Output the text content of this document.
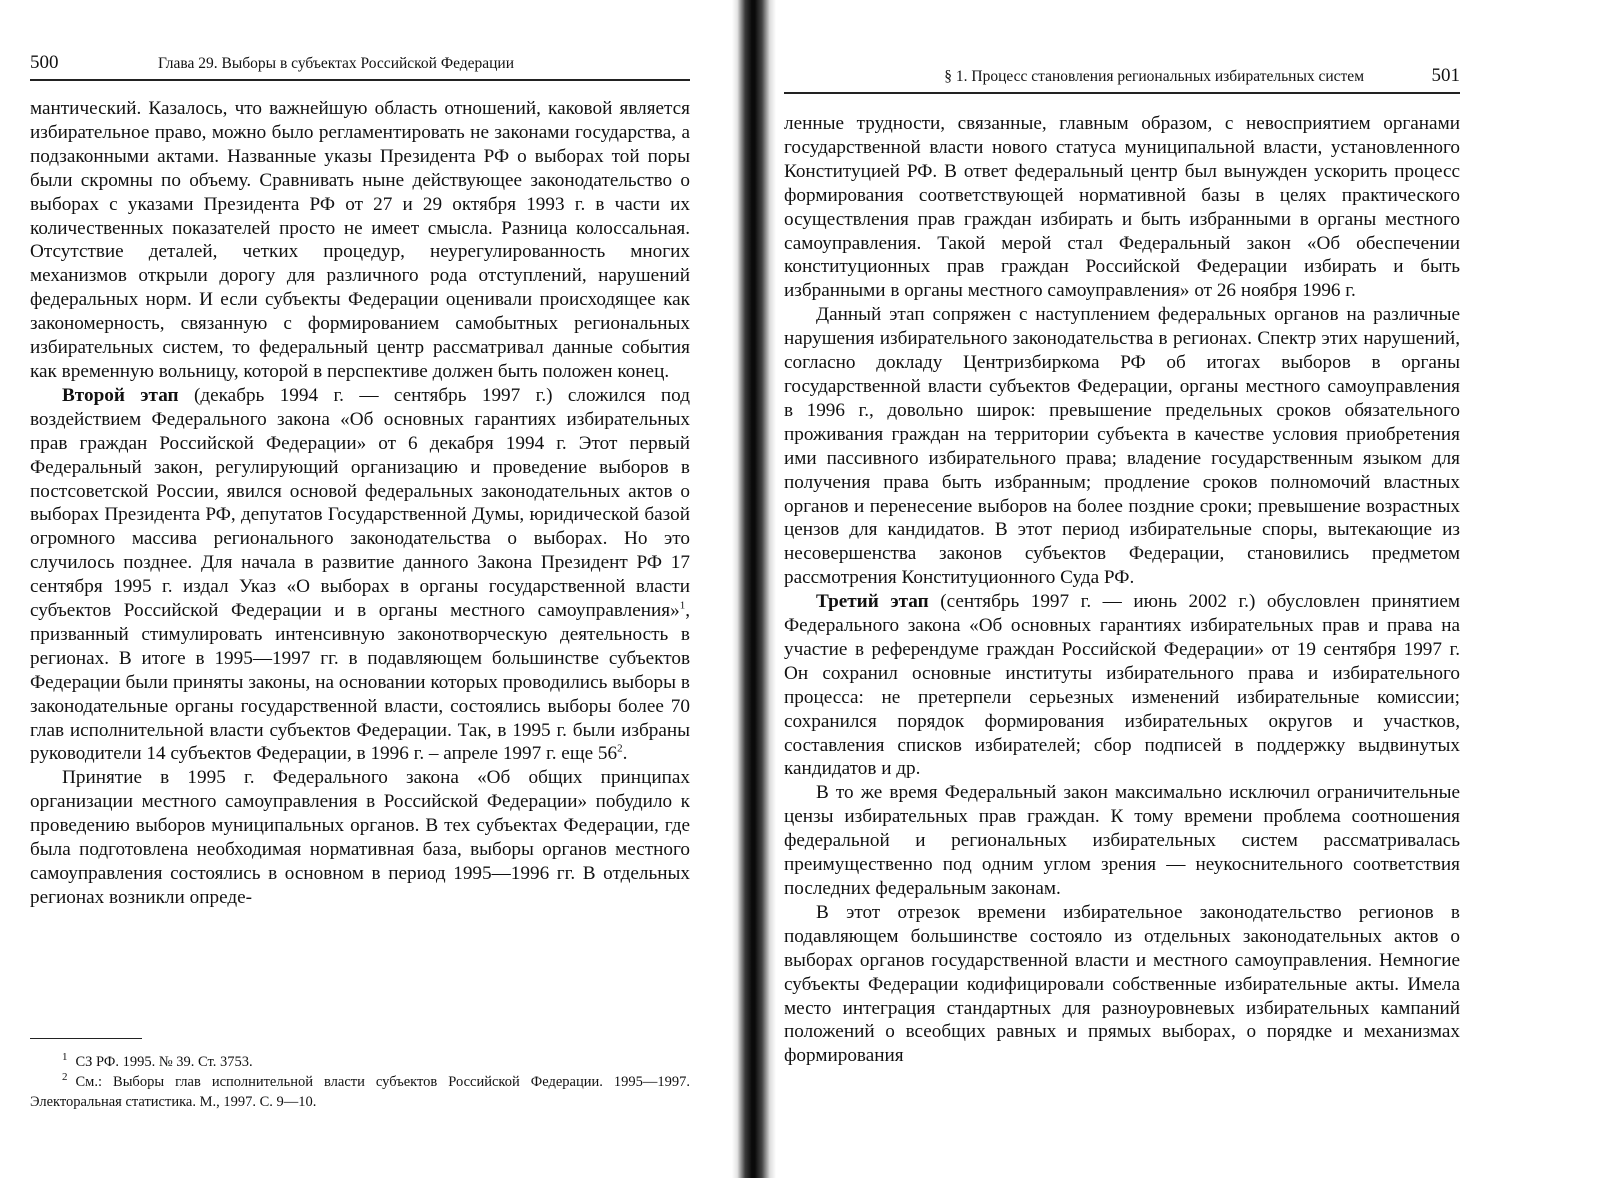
500	Глава 29. Выборы в субъектах Российской Федерации

мантический. Казалось, что важнейшую область отношений, каковой является избирательное право, можно было регламентировать не законами государства, а подзаконными актами. Названные указы Президента РФ о выборах той поры были скромны по объему. Сравнивать ныне действующее законодательство о выборах с указами Президента РФ от 27 и 29 октября 1993 г. в части их количественных показателей просто не имеет смысла. Разница колоссальная. Отсутствие деталей, четких процедур, неурегулированность многих механизмов открыли дорогу для различного рода отступлений, нарушений федеральных норм. И если субъекты Федерации оценивали происходящее как закономерность, связанную с формированием самобытных региональных избирательных систем, то федеральный центр рассматривал данные события как временную вольницу, которой в перспективе должен быть положен конец.

Второй этап (декабрь 1994 г. — сентябрь 1997 г.) сложился под воздействием Федерального закона «Об основных гарантиях избирательных прав граждан Российской Федерации» от 6 декабря 1994 г. Этот первый Федеральный закон, регулирующий организацию и проведение выборов в постсоветской России, явился основой федеральных законодательных актов о выборах Президента РФ, депутатов Государственной Думы, юридической базой огромного массива регионального законодательства о выборах. Но это случилось позднее. Для начала в развитие данного Закона Президент РФ 17 сентября 1995 г. издал Указ «О выборах в органы государственной власти субъектов Российской Федерации и в органы местного самоуправления»$^1$, призванный стимулировать интенсивную законотворческую деятельность в регионах. В итоге в 1995—1997 гг. в подавляющем большинстве субъектов Федерации были приняты законы, на основании которых проводились выборы в законодательные органы государственной власти, состоялись выборы более 70 глав исполнительной власти субъектов Федерации. Так, в 1995 г. были избраны руководители 14 субъектов Федерации, в 1996 г. – апреле 1997 г. еще $56^2$.

Принятие в 1995 г. Федерального закона «Об общих принципах организации местного самоуправления в Российской Федерации» побудило к проведению выборов муниципальных органов. В тех субъектах Федерации, где была подготовлена необходимая нормативная база, выборы органов местного самоуправления состоялись в основном в период 1995—1996 гг. В отдельных регионах возникли опреде-

$^1$ СЗ РФ. 1995. № 39. Ст. 3753.

$^2$ См.: Выборы глав исполнительной власти субъектов Российской Федерации. 1995—1997. Электоральная статистика. М., 1997. С. 9—10.

§ 1. Процесс становления региональных избирательных систем	501

ленные трудности, связанные, главным образом, с невосприятием органами государственной власти нового статуса муниципальной власти, установленного Конституцией РФ. В ответ федеральный центр был вынужден ускорить процесс формирования соответствующей нормативной базы в целях практического осуществления прав граждан избирать и быть избранными в органы местного самоуправления. Такой мерой стал Федеральный закон «Об обеспечении конституционных прав граждан Российской Федерации избирать и быть избранными в органы местного самоуправления» от 26 ноября 1996 г.

Данный этап сопряжен с наступлением федеральных органов на различные нарушения избирательного законодательства в регионах. Спектр этих нарушений, согласно докладу Центризбиркома РФ об итогах выборов в органы государственной власти субъектов Федерации, органы местного самоуправления в 1996 г., довольно широк: превышение предельных сроков обязательного проживания граждан на территории субъекта в качестве условия приобретения ими пассивного избирательного права; владение государственным языком для получения права быть избранным; продление сроков полномочий властных органов и перенесение выборов на более поздние сроки; превышение возрастных цензов для кандидатов. В этот период избирательные споры, вытекающие из несовершенства законов субъектов Федерации, становились предметом рассмотрения Конституционного Суда РФ.

Третий этап (сентябрь 1997 г. — июнь 2002 г.) обусловлен принятием Федерального закона «Об основных гарантиях избирательных прав и права на участие в референдуме граждан Российской Федерации» от 19 сентября 1997 г. Он сохранил основные институты избирательного права и избирательного процесса: не претерпели серьезных изменений избирательные комиссии; сохранился порядок формирования избирательных округов и участков, составления списков избирателей; сбор подписей в поддержку выдвинутых кандидатов и др.

В то же время Федеральный закон максимально исключил ограничительные цензы избирательных прав граждан. К тому времени проблема соотношения федеральной и региональных избирательных систем рассматривалась преимущественно под одним углом зрения — неукоснительного соответствия последних федеральным законам.

В этот отрезок времени избирательное законодательство регионов в подавляющем большинстве состояло из отдельных законодательных актов о выборах органов государственной власти и местного самоуправления. Немногие субъекты Федерации кодифицировали собственные избирательные акты. Имела место интеграция стандартных для разноуровневых избирательных кампаний положений о всеобщих равных и прямых выборах, о порядке и механизмах формирования
